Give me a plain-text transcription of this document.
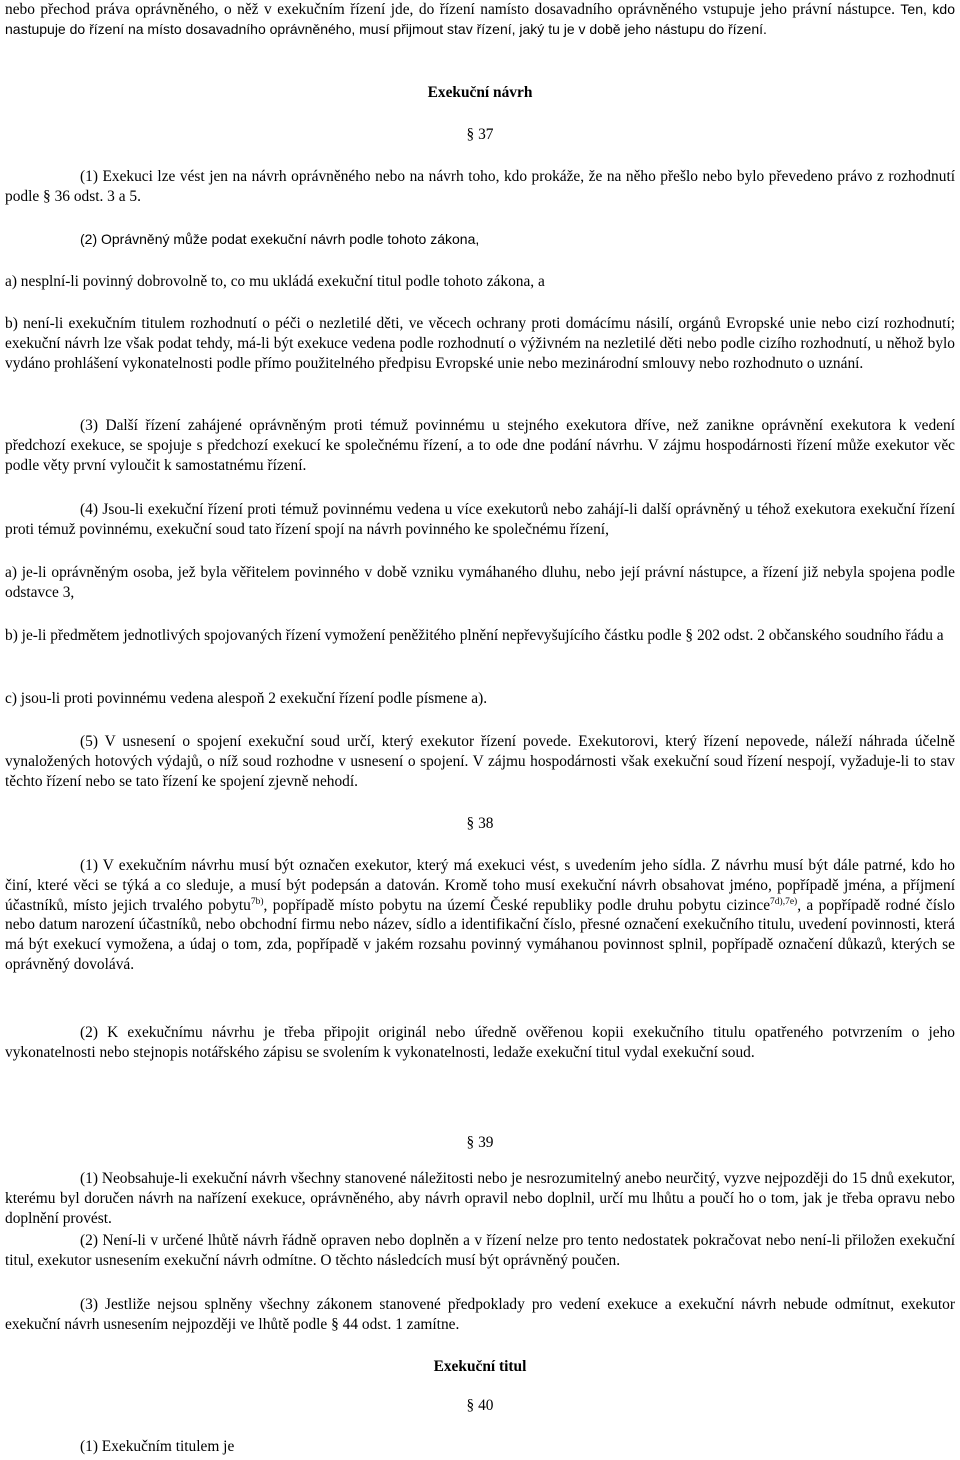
nebo přechod práva oprávněného, o něž v exekučním řízení jde, do řízení namísto dosavadního oprávněného vstupuje jeho právní nástupce. Ten, kdo nastupuje do řízení na místo dosavadního oprávněného, musí přijmout stav řízení, jaký tu je v době jeho nástupu do řízení.

Exekuční návrh

§ 37

(1) Exekuci lze vést jen na návrh oprávněného nebo na návrh toho, kdo prokáže, že na něho přešlo nebo bylo převedeno právo z rozhodnutí podle § 36 odst. 3 a 5.

(2) Oprávněný může podat exekuční návrh podle tohoto zákona,

a) nesplní-li povinný dobrovolně to, co mu ukládá exekuční titul podle tohoto zákona, a

b) není-li exekučním titulem rozhodnutí o péči o nezletilé děti, ve věcech ochrany proti domácímu násilí, orgánů Evropské unie nebo cizí rozhodnutí; exekuční návrh lze však podat tehdy, má-li být exekuce vedena podle rozhodnutí o výživném na nezletilé děti nebo podle cizího rozhodnutí, u něhož bylo vydáno prohlášení vykonatelnosti podle přímo použitelného předpisu Evropské unie nebo mezinárodní smlouvy nebo rozhodnuto o uznání.

(3) Další řízení zahájené oprávněným proti témuž povinnému u stejného exekutora dříve, než zanikne oprávnění exekutora k vedení předchozí exekuce, se spojuje s předchozí exekucí ke společnému řízení, a to ode dne podání návrhu. V zájmu hospodárnosti řízení může exekutor věc podle věty první vyloučit k samostatnému řízení.

(4) Jsou-li exekuční řízení proti témuž povinnému vedena u více exekutorů nebo zahájí-li další oprávněný u téhož exekutora exekuční řízení proti témuž povinnému, exekuční soud tato řízení spojí na návrh povinného ke společnému řízení,

a) je-li oprávněným osoba, jež byla věřitelem povinného v době vzniku vymáhaného dluhu, nebo její právní nástupce, a řízení již nebyla spojena podle odstavce 3,

b) je-li předmětem jednotlivých spojovaných řízení vymožení peněžitého plnění nepřevyšujícího částku podle § 202 odst. 2 občanského soudního řádu a

c) jsou-li proti povinnému vedena alespoň 2 exekuční řízení podle písmene a).

(5) V usnesení o spojení exekuční soud určí, který exekutor řízení povede. Exekutorovi, který řízení nepovede, náleží náhrada účelně vynaložených hotových výdajů, o níž soud rozhodne v usnesení o spojení. V zájmu hospodárnosti však exekuční soud řízení nespojí, vyžaduje-li to stav těchto řízení nebo se tato řízení ke spojení zjevně nehodí.

§ 38

(1) V exekučním návrhu musí být označen exekutor, který má exekuci vést, s uvedením jeho sídla. Z návrhu musí být dále patrné, kdo ho činí, které věci se týká a co sleduje, a musí být podepsán a datován. Kromě toho musí exekuční návrh obsahovat jméno, popřípadě jména, a příjmení účastníků, místo jejich trvalého pobytu$^{7b)}$, popřípadě místo pobytu na území České republiky podle druhu pobytu cizince$^{7d),7e)}$, a popřípadě rodné číslo nebo datum narození účastníků, nebo obchodní firmu nebo název, sídlo a identifikační číslo, přesné označení exekučního titulu, uvedení povinnosti, která má být exekucí vymožena, a údaj o tom, zda, popřípadě v jakém rozsahu povinný vymáhanou povinnost splnil, popřípadě označení důkazů, kterých se oprávněný dovolává.

(2) K exekučnímu návrhu je třeba připojit originál nebo úředně ověřenou kopii exekučního titulu opatřeného potvrzením o jeho vykonatelnosti nebo stejnopis notářského zápisu se svolením k vykonatelnosti, ledaže exekuční titul vydal exekuční soud.

§ 39

(1) Neobsahuje-li exekuční návrh všechny stanovené náležitosti nebo je nesrozumitelný anebo neurčitý, vyzve nejpozději do 15 dnů exekutor, kterému byl doručen návrh na nařízení exekuce, oprávněného, aby návrh opravil nebo doplnil, určí mu lhůtu a poučí ho o tom, jak je třeba opravu nebo doplnění provést.

(2) Není-li v určené lhůtě návrh řádně opraven nebo doplněn a v řízení nelze pro tento nedostatek pokračovat nebo není-li přiložen exekuční titul, exekutor usnesením exekuční návrh odmítne. O těchto následcích musí být oprávněný poučen.

(3) Jestliže nejsou splněny všechny zákonem stanovené předpoklady pro vedení exekuce a exekuční návrh nebude odmítnut, exekutor exekuční návrh usnesením nejpozději ve lhůtě podle § 44 odst. 1 zamítne.

Exekuční titul

§ 40

(1) Exekučním titulem je
